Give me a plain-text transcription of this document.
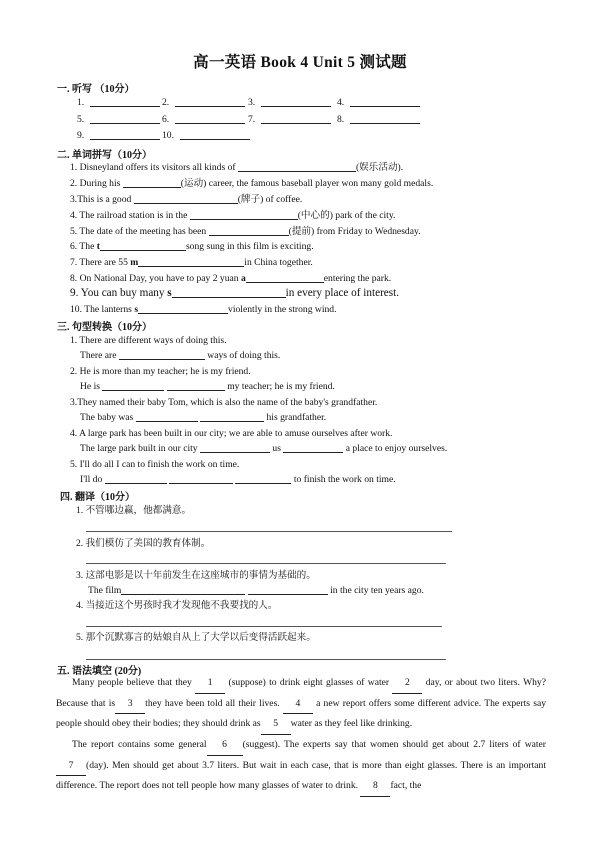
高一英语 Book 4 Unit 5 测试题
一. 听写 （10分）
1.	2.	3.	4.
5.	6.	7.	8.
9.	10.
二. 单词拼写（10分）
1. Disneyland offers its visitors all kinds of	(娱乐活动).
2. During his	(运动) career, the famous baseball player won many gold medals.
3.This is a good	(牌子) of coffee.
4. The railroad station is in the	(中心的) park of the city.
5. The date of the meeting has been	(提前) from Friday to Wednesday.
6. The t	song sung in this film is exciting.
7. There are 55 m	in China together.
8. On National Day, you have to pay 2 yuan a	entering the park.
9. You can buy many s	in every place of interest.
10. The lanterns s	violently in the strong wind.
三. 句型转换（10分）
1. There are different ways of doing this.
There are	ways of doing this.
2. He is more than my teacher; he is my friend.
He is	my teacher; he is my friend.
3.They named their baby Tom, which is also the name of the baby's grandfather.
The baby was	his grandfather.
4. A large park has been built in our city; we are able to amuse ourselves after work.
The large park built in our city	us	a place to enjoy ourselves.
5. I'll do all I can to finish the work on time.
I'll do	to finish the work on time.
四. 翻译（10分）
1. 不管哪边赢，他都满意。
2. 我们模仿了美国的教育体制。
3. 这部电影是以十年前发生在这座城市的事情为基础的。
The film	in the city ten years ago.
4. 当接近这个男孩时我才发现他不我要找的人。
5. 那个沉默寡言的姑娘自从上了大学以后变得活跃起来。
五. 语法填空 (20分)
Many people believe that they 1 (suppose) to drink eight glasses of water 2 day, or about two liters. Why? Because that is 3 they have been told all their lives. 4 a new report offers some different advice. The experts say people should obey their bodies; they should drink as 5 water as they feel like drinking.
The report contains some general 6 (suggest). The experts say that women should get about 2.7 liters of water 7 (day). Men should get about 3.7 liters. But wait in each case, that is more than eight glasses. There is an important difference. The report does not tell people how many glasses of water to drink. 8 fact, the
